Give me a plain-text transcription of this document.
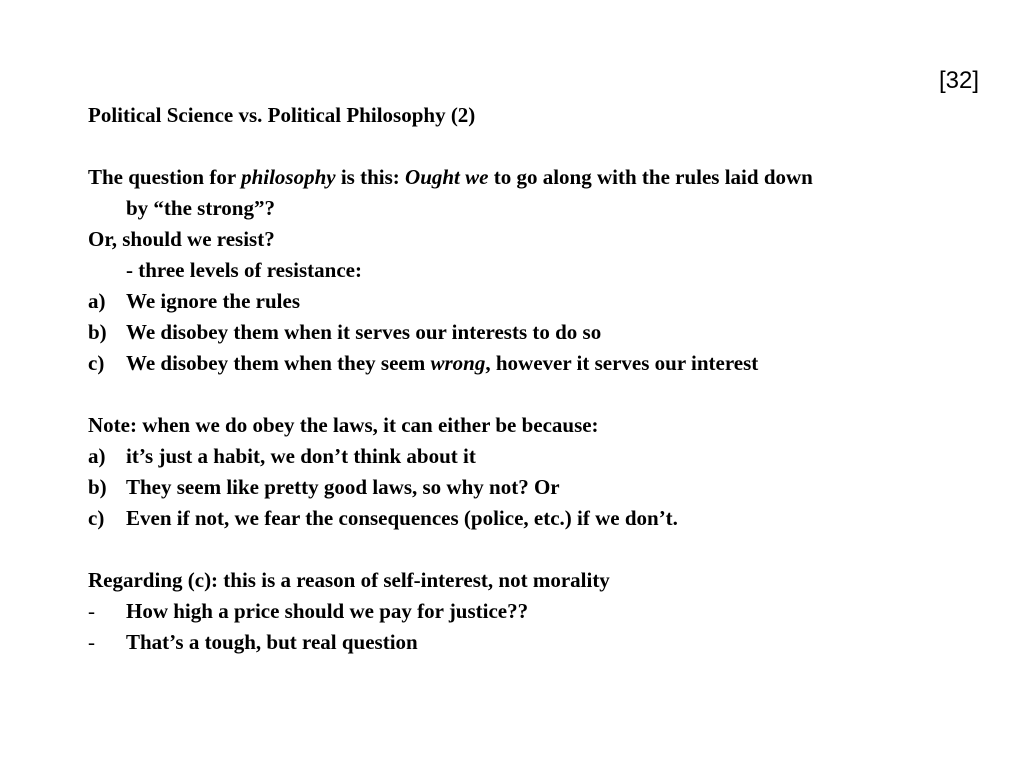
[32]
Political Science vs. Political Philosophy (2)
The question for philosophy is this: Ought we to go along with the rules laid down
by “the strong”?
Or, should we resist?
- three levels of resistance:
a) We ignore the rules
b) We disobey them when it serves our interests to do so
c) We disobey them when they seem wrong, however it serves our interest
Note: when we do obey the laws, it can either be because:
a) it’s just a habit, we don’t think about it
b) They seem like pretty good laws, so why not? Or
c) Even if not, we fear the consequences (police, etc.) if we don’t.
Regarding (c): this is a reason of self-interest, not morality
- How high a price should we pay for justice??
- That’s a tough, but real question
